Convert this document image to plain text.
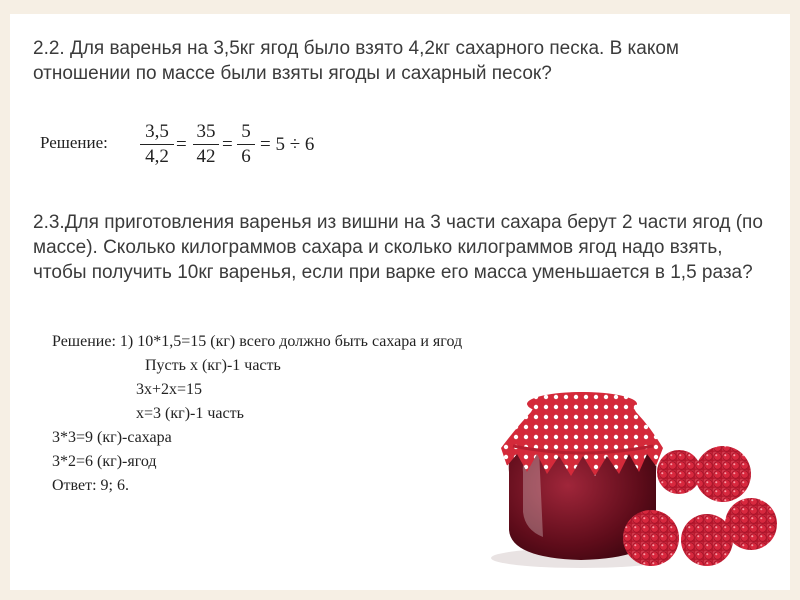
2.2. Для варенья на 3,5кг ягод было взято 4,2кг сахарного песка. В каком отношении по массе были взяты ягоды и сахарный песок?

Решение:
3,5
4,2
=
35
42
=
5
6
= 5 ÷ 6

2.3.Для приготовления варенья из вишни на 3 части сахара берут 2 части ягод (по массе). Сколько килограммов сахара и сколько килограммов ягод надо взять, чтобы получить 10кг варенья, если при варке его масса уменьшается в 1,5 раза?

Решение: 1) 10*1,5=15 (кг) всего должно быть сахара и ягод
Пусть х (кг)-1 часть
3х+2х=15
х=3 (кг)-1 часть
3*3=9 (кг)-сахара
3*2=6 (кг)-ягод
Ответ: 9; 6.
